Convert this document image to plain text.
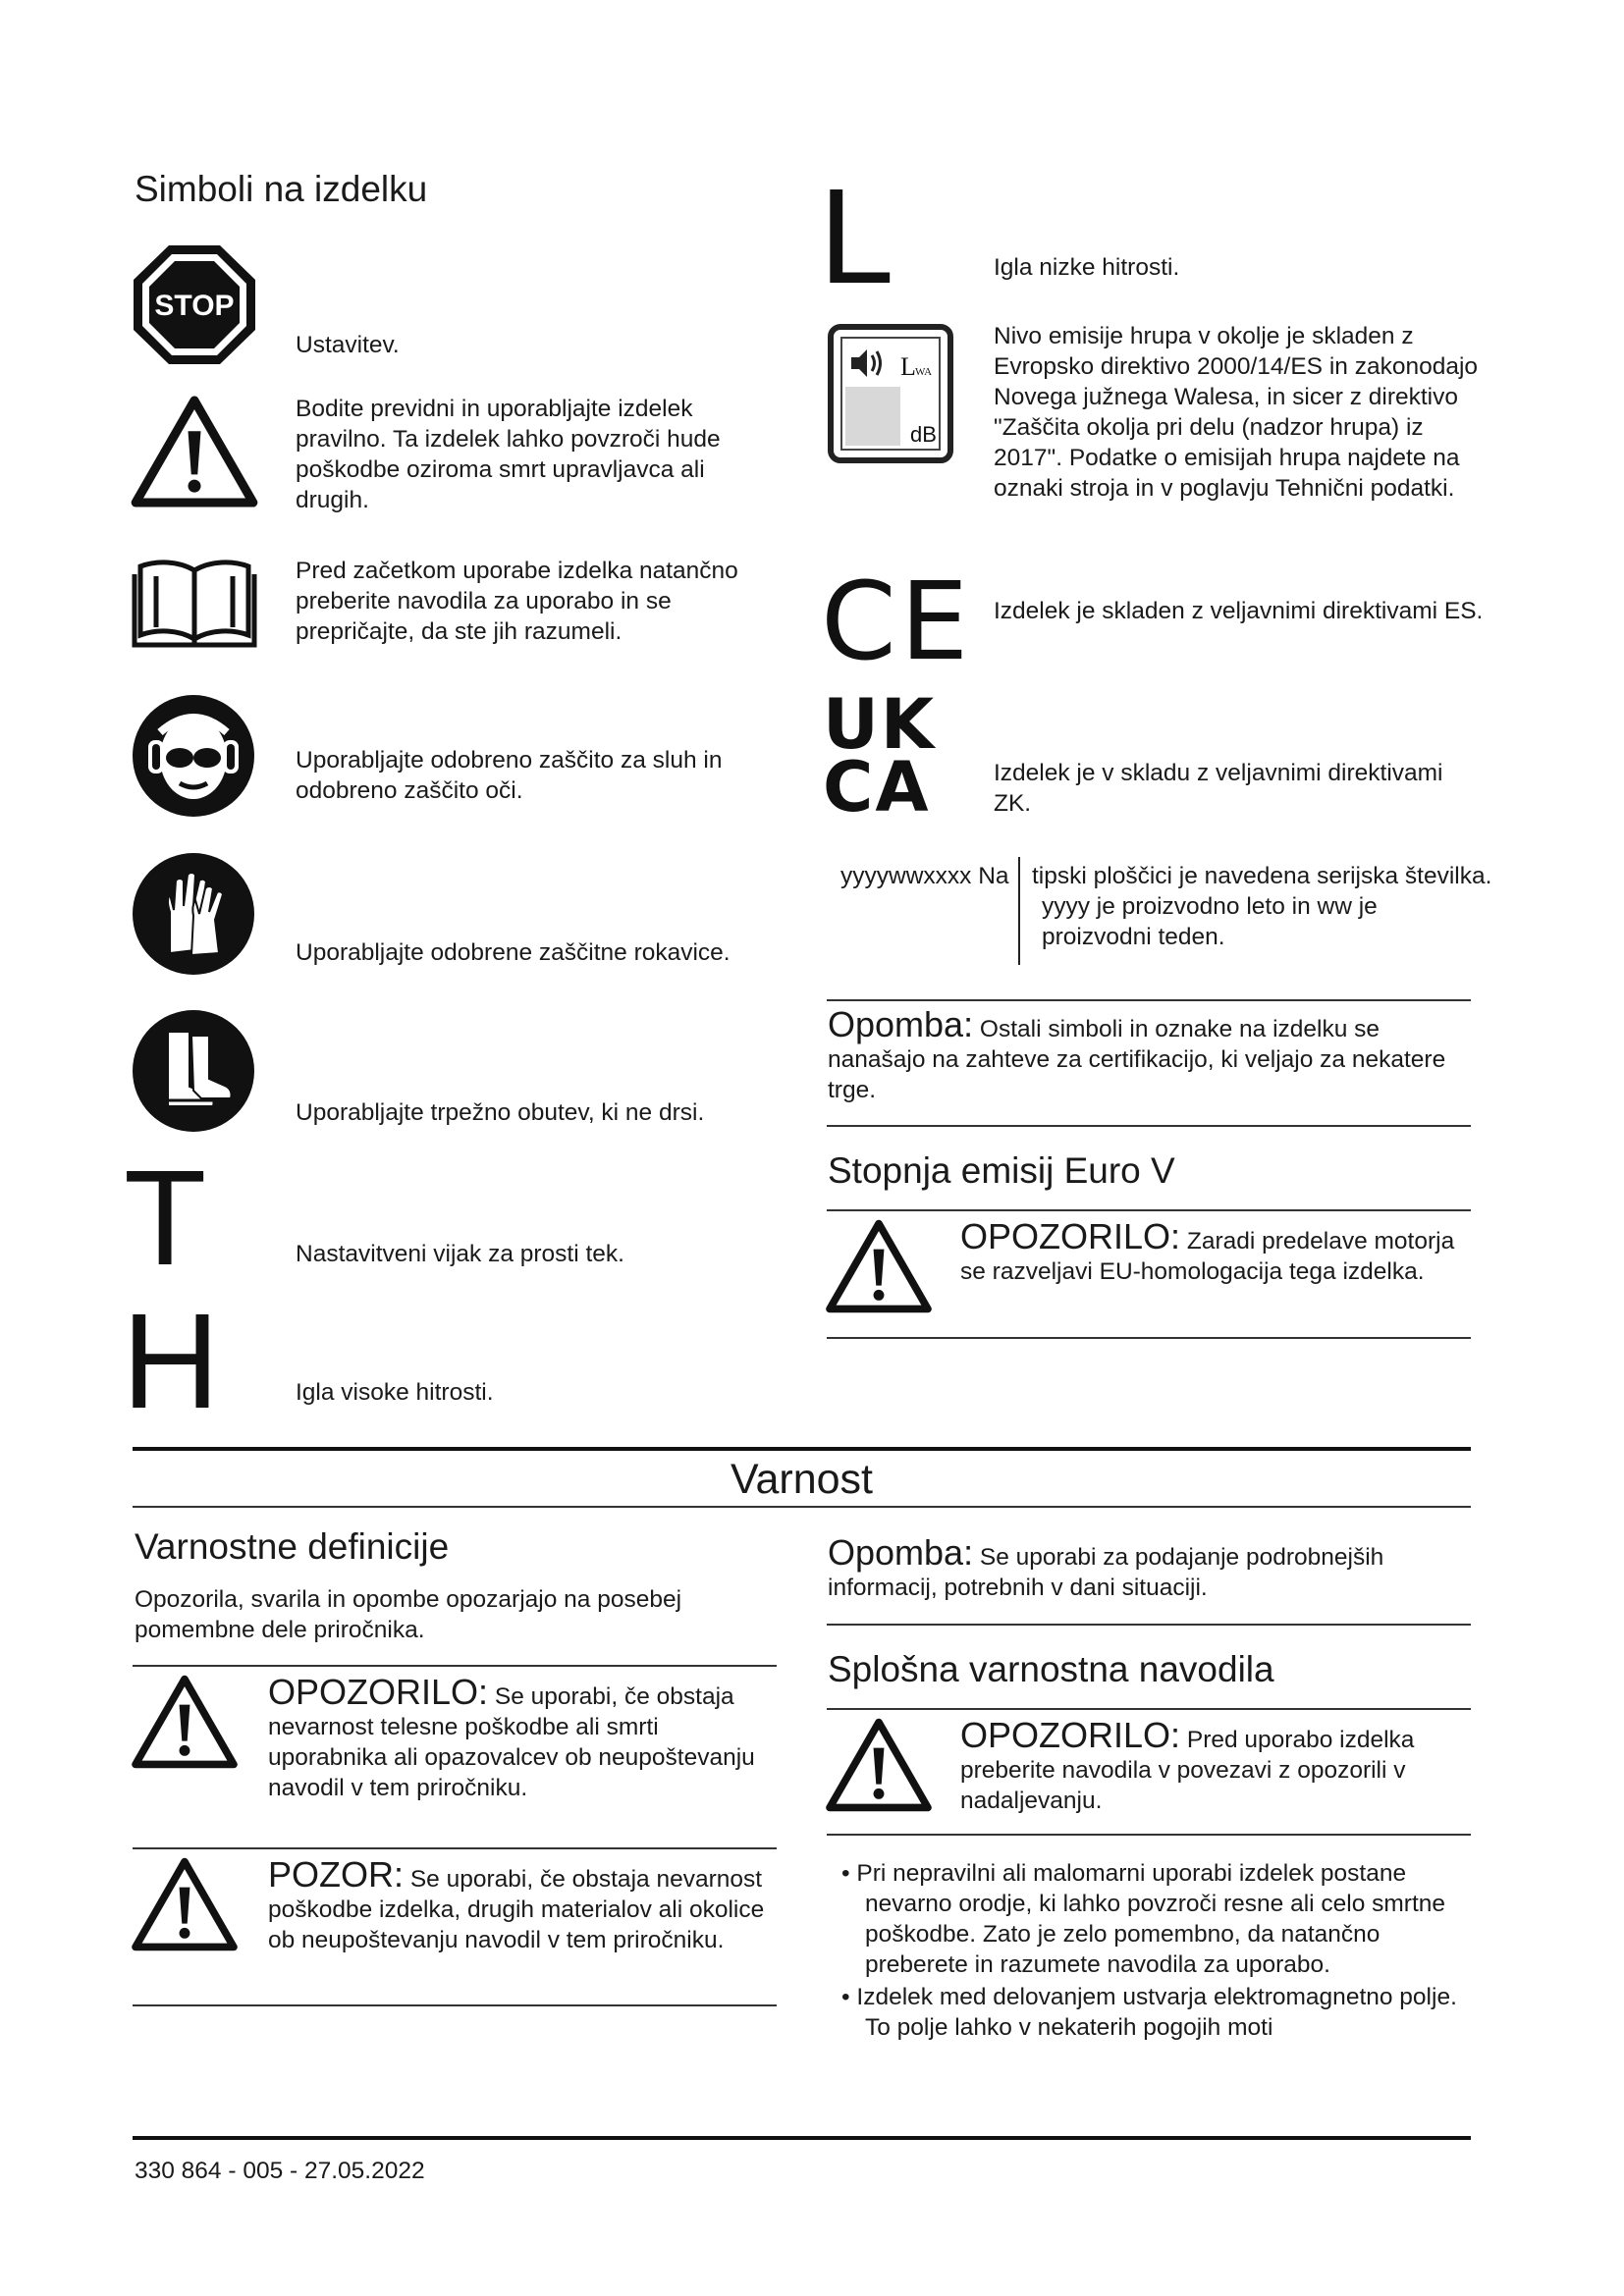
Simboli na izdelku
STOP
Ustavitev.
Bodite previdni in uporabljajte izdelek pravilno. Ta izdelek lahko povzroči hude poškodbe oziroma smrt upravljavca ali drugih.
Pred začetkom uporabe izdelka natančno preberite navodila za uporabo in se prepričajte, da ste jih razumeli.
Uporabljajte odobreno zaščito za sluh in odobreno zaščito oči.
Uporabljajte odobrene zaščitne rokavice.
Uporabljajte trpežno obutev, ki ne drsi.
T	Nastavitveni vijak za prosti tek.
H	Igla visoke hitrosti.
L	Igla nizke hitrosti.
L WA
dB
Nivo emisije hrupa v okolje je skladen z Evropsko direktivo 2000/14/ES in zakonodajo Novega južnega Walesa, in sicer z direktivo "Zaščita okolja pri delu (nadzor hrupa) iz 2017". Podatke o emisijah hrupa najdete na oznaki stroja in v poglavju Tehnični podatki.
CE Izdelek je skladen z veljavnimi direktivami ES.
UK
CA	Izdelek je v skladu z veljavnimi direktivami ZK.
yyyywwxxxx Na tipski ploščici je navedena serijska številka. yyyy je proizvodno leto in ww je proizvodni teden.
Opomba: Ostali simboli in oznake na izdelku se nanašajo na zahteve za certifikacijo, ki veljajo za nekatere trge.
Stopnja emisij Euro V
OPOZORILO: Zaradi predelave motorja se razveljavi EU-homologacija tega izdelka.
Varnost
Varnostne definicije
Opozorila, svarila in opombe opozarjajo na posebej pomembne dele priročnika.
OPOZORILO: Se uporabi, če obstaja nevarnost telesne poškodbe ali smrti uporabnika ali opazovalcev ob neupoštevanju navodil v tem priročniku.
POZOR: Se uporabi, če obstaja nevarnost poškodbe izdelka, drugih materialov ali okolice ob neupoštevanju navodil v tem priročniku.
Opomba: Se uporabi za podajanje podrobnejših informacij, potrebnih v dani situaciji.
Splošna varnostna navodila
OPOZORILO: Pred uporabo izdelka preberite navodila v povezavi z opozorili v nadaljevanju.
• Pri nepravilni ali malomarni uporabi izdelek postane nevarno orodje, ki lahko povzroči resne ali celo smrtne poškodbe. Zato je zelo pomembno, da natančno preberete in razumete navodila za uporabo.
• Izdelek med delovanjem ustvarja elektromagnetno polje. To polje lahko v nekaterih pogojih moti
330 864 - 005 - 27.05.2022
